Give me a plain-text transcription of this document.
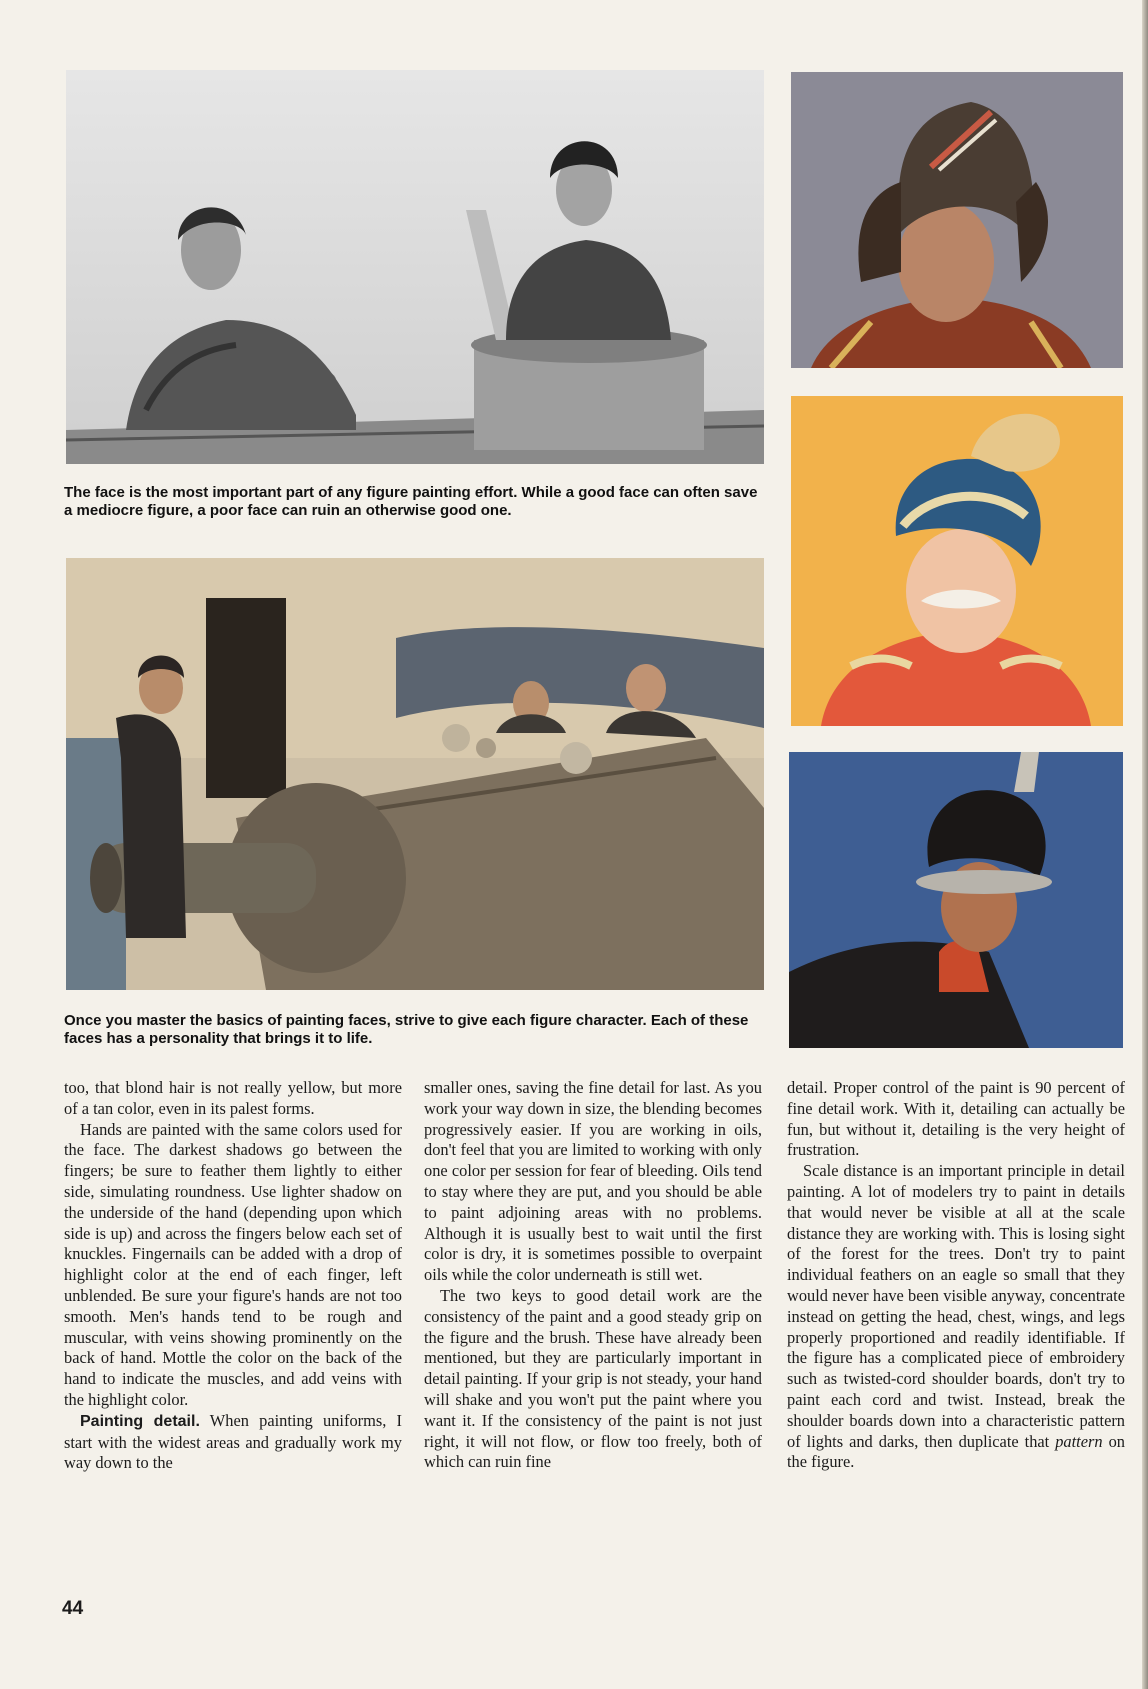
The face is the most important part of any figure painting effort. While a good face can often save a mediocre figure, a poor face can ruin an otherwise good one.

Once you master the basics of painting faces, strive to give each figure character. Each of these faces has a personality that brings it to life.

too, that blond hair is not really yellow, but more of a tan color, even in its palest forms.

Hands are painted with the same colors used for the face. The darkest shadows go between the fingers; be sure to feather them lightly to either side, simulating roundness. Use lighter shadow on the underside of the hand (depending upon which side is up) and across the fingers below each set of knuckles. Fingernails can be added with a drop of highlight color at the end of each finger, left unblended. Be sure your figure's hands are not too smooth. Men's hands tend to be rough and muscular, with veins showing prominently on the back of hand. Mottle the color on the back of the hand to indicate the muscles, and add veins with the highlight color.

Painting detail. When painting uniforms, I start with the widest areas and gradually work my way down to the

smaller ones, saving the fine detail for last. As you work your way down in size, the blending becomes progressively easier. If you are working in oils, don't feel that you are limited to working with only one color per session for fear of bleeding. Oils tend to stay where they are put, and you should be able to paint adjoining areas with no problems. Although it is usually best to wait until the first color is dry, it is sometimes possible to overpaint oils while the color underneath is still wet.

The two keys to good detail work are the consistency of the paint and a good steady grip on the figure and the brush. These have already been mentioned, but they are particularly important in detail painting. If your grip is not steady, your hand will shake and you won't put the paint where you want it. If the consistency of the paint is not just right, it will not flow, or flow too freely, both of which can ruin fine

detail. Proper control of the paint is 90 percent of fine detail work. With it, detailing can actually be fun, but without it, detailing is the very height of frustration.

Scale distance is an important principle in detail painting. A lot of modelers try to paint in details that would never be visible at all at the scale distance they are working with. This is losing sight of the forest for the trees. Don't try to paint individual feathers on an eagle so small that they would never have been visible anyway, concentrate instead on getting the head, chest, wings, and legs properly proportioned and readily identifiable. If the figure has a complicated piece of embroidery such as twisted-cord shoulder boards, don't try to paint each cord and twist. Instead, break the shoulder boards down into a characteristic pattern of lights and darks, then duplicate that pattern on the figure.

44
